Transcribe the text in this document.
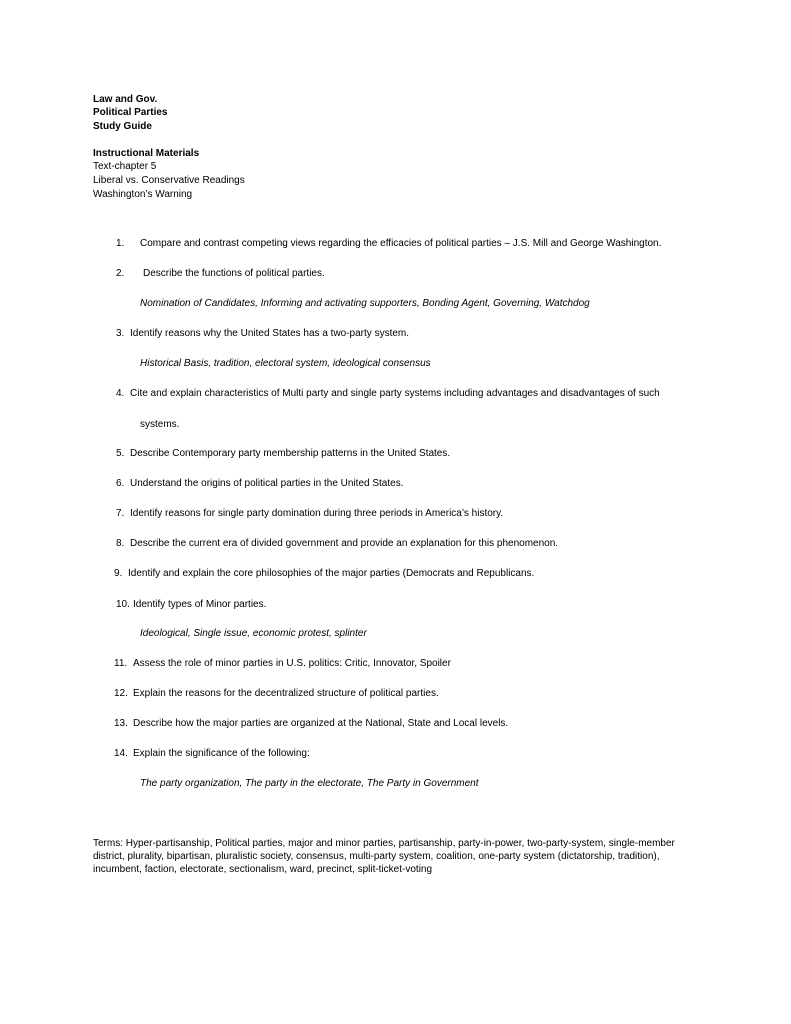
Law and Gov.
Political Parties
Study Guide
Instructional Materials
Text-chapter 5
Liberal vs. Conservative Readings
Washington’s Warning
1. Compare and contrast competing views regarding the efficacies of political parties – J.S. Mill and George Washington.
2. Describe the functions of political parties.
Nomination of Candidates, Informing and activating supporters, Bonding Agent, Governing, Watchdog
3. Identify reasons why the United States has a two-party system.
Historical Basis, tradition, electoral system, ideological consensus
4. Cite and explain characteristics of Multi party and single party systems including advantages and disadvantages of such
systems.
5. Describe Contemporary party membership patterns in the United States.
6. Understand the origins of political parties in the United States.
7. Identify reasons for single party domination during three periods in America’s history.
8. Describe the current era of divided government and provide an explanation for this phenomenon.
9. Identify and explain the core philosophies of the major parties (Democrats and Republicans.
10. Identify types of Minor parties.
Ideological, Single issue, economic protest, splinter
11. Assess the role of minor parties in U.S. politics: Critic, Innovator, Spoiler
12. Explain the reasons for the decentralized structure of political parties.
13. Describe how the major parties are organized at the National, State and Local levels.
14. Explain the significance of the following:
The party organization, The party in the electorate, The Party in Government
Terms: Hyper-partisanship, Political parties, major and minor parties, partisanship, party-in-power, two-party-system, single-member district, plurality, bipartisan, pluralistic society, consensus, multi-party system, coalition, one-party system (dictatorship, tradition), incumbent, faction, electorate, sectionalism, ward, precinct, split-ticket-voting
